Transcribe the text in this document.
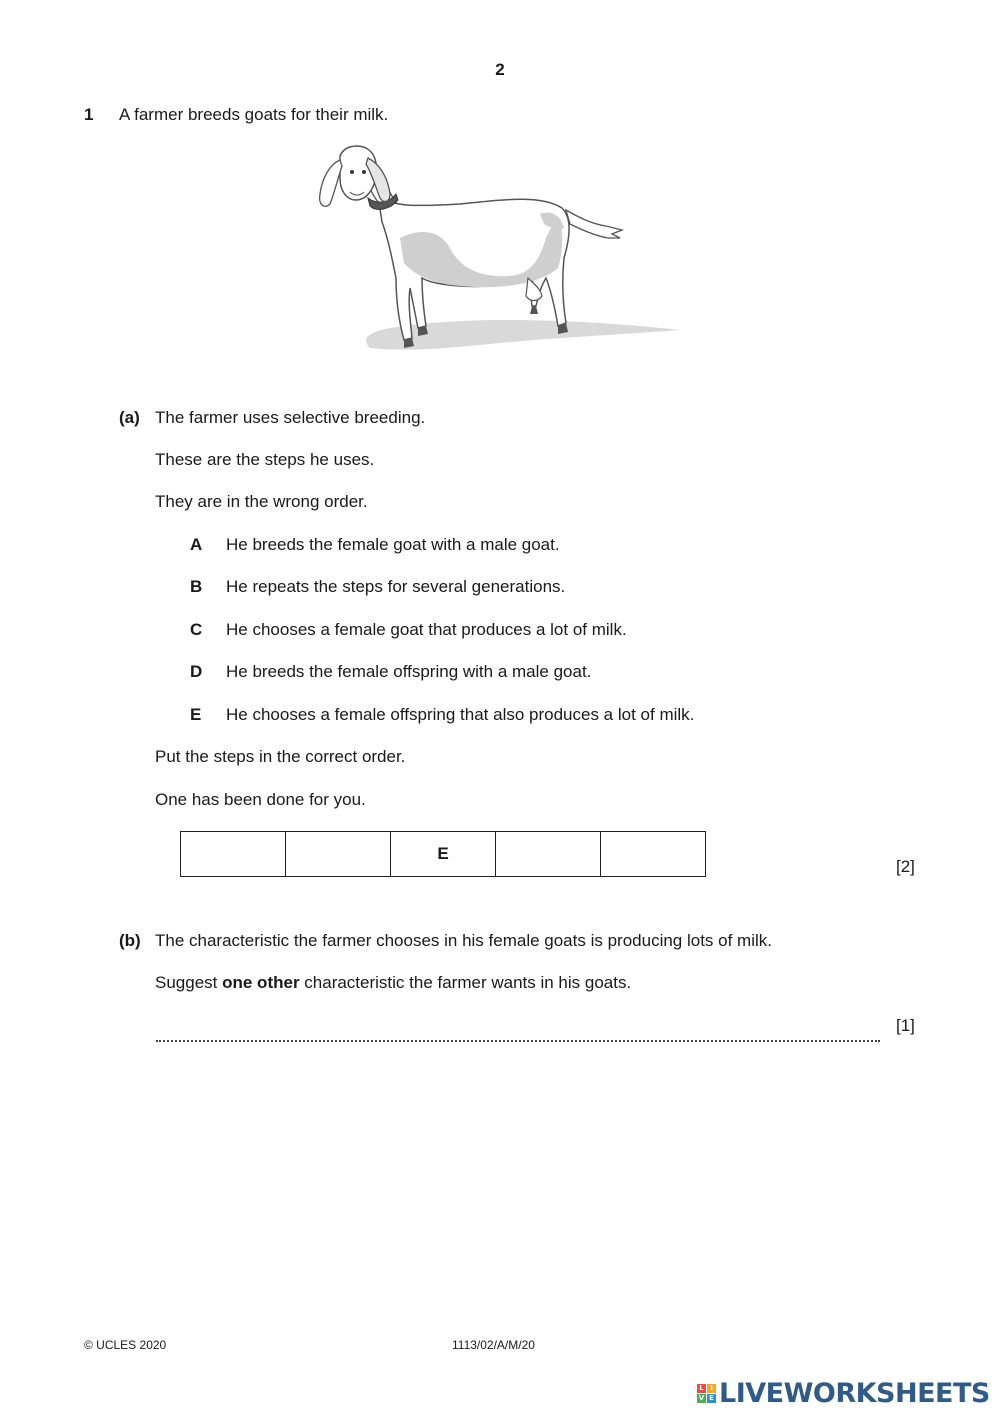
2
1 A farmer breeds goats for their milk.
(a) The farmer uses selective breeding.
These are the steps he uses.
They are in the wrong order.
A He breeds the female goat with a male goat.
B He repeats the steps for several generations.
C He chooses a female goat that produces a lot of milk.
D He breeds the female offspring with a male goat.
E He chooses a female offspring that also produces a lot of milk.
Put the steps in the correct order.
One has been done for you.
		E		
[2]
(b) The characteristic the farmer chooses in his female goats is producing lots of milk.
Suggest one other characteristic the farmer wants in his goats.
[1]
© UCLES 2020	1113/02/A/M/20
L I
V E LIVEWORKSHEETS
